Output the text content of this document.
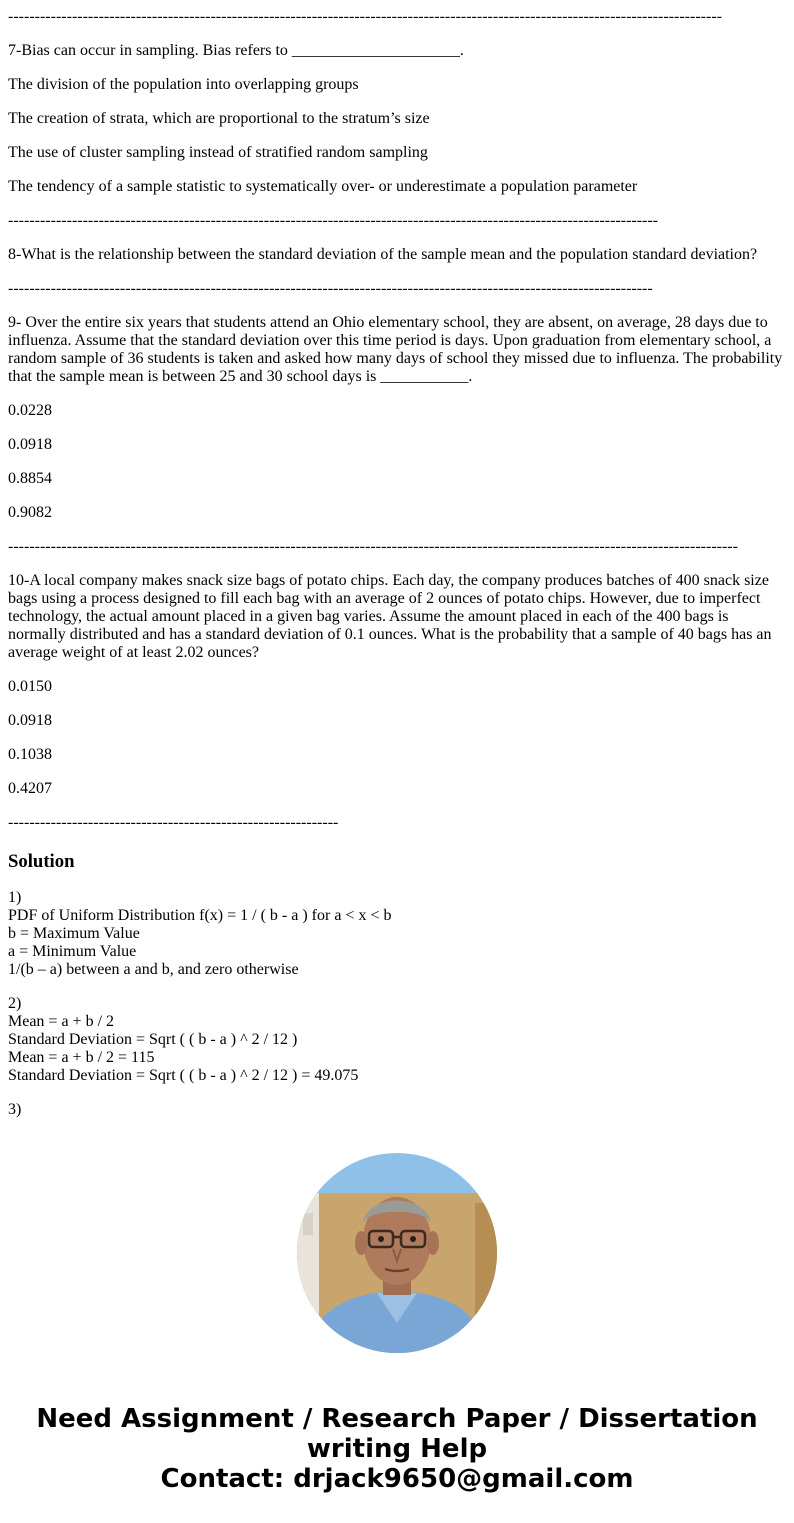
--------------------------------------------------------------------------------------------------------------------------------------

7-Bias can occur in sampling. Bias refers to _____________________.

The division of the population into overlapping groups

The creation of strata, which are proportional to the stratum’s size

The use of cluster sampling instead of stratified random sampling

The tendency of a sample statistic to systematically over- or underestimate a population parameter

--------------------------------------------------------------------------------------------------------------------------

8-What is the relationship between the standard deviation of the sample mean and the population standard deviation?

-------------------------------------------------------------------------------------------------------------------------

9- Over the entire six years that students attend an Ohio elementary school, they are absent, on average, 28 days due to influenza. Assume that the standard deviation over this time period is days. Upon graduation from elementary school, a random sample of 36 students is taken and asked how many days of school they missed due to influenza. The probability that the sample mean is between 25 and 30 school days is ___________.

0.0228

0.0918

0.8854

0.9082

-----------------------------------------------------------------------------------------------------------------------------------------

10-A local company makes snack size bags of potato chips. Each day, the company produces batches of 400 snack size bags using a process designed to fill each bag with an average of 2 ounces of potato chips. However, due to imperfect technology, the actual amount placed in a given bag varies. Assume the amount placed in each of the 400 bags is normally distributed and has a standard deviation of 0.1 ounces. What is the probability that a sample of 40 bags has an average weight of at least 2.02 ounces?

0.0150

0.0918

0.1038

0.4207

--------------------------------------------------------------

Solution

1)
PDF of Uniform Distribution f(x) = 1 / ( b - a ) for a < x < b
b = Maximum Value
a = Minimum Value
1/(b – a) between a and b, and zero otherwise

2)
Mean = a + b / 2
Standard Deviation = Sqrt ( ( b - a ) ^ 2 / 12 )
Mean = a + b / 2 = 115
Standard Deviation = Sqrt ( ( b - a ) ^ 2 / 12 ) = 49.075

3)

Need Assignment / Research Paper / Dissertation
writing Help
Contact: drjack9650@gmail.com
